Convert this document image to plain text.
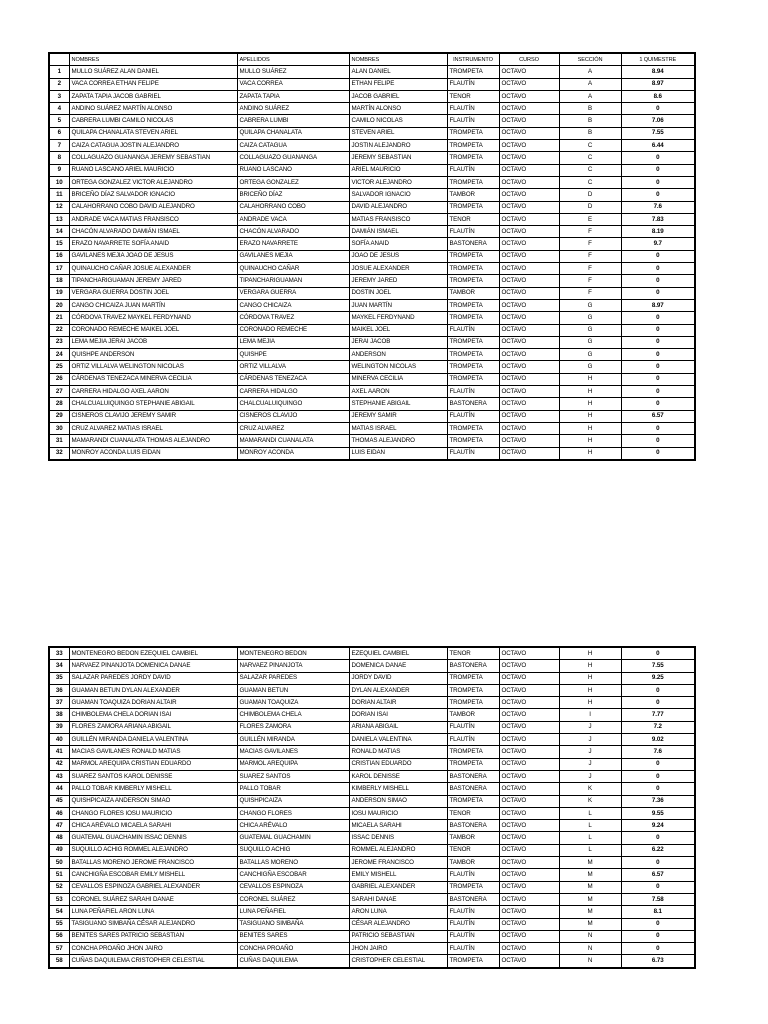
	NOMBRES	APELLIDOS	NOMBRES	INSTRUMENTO	CURSO	SECCIÓN	1 QUIMESTRE
1	MULLO SUÁREZ ALAN DANIEL	MULLO SUÁREZ	ALAN DANIEL	TROMPETA	OCTAVO	A	8.94
2	VACA CORREA ETHAN FELIPE	VACA CORREA	ETHAN FELIPE	FLAUTÍN	OCTAVO	A	8.97
3	ZAPATA TAPIA JACOB GABRIEL	ZAPATA TAPIA	JACOB GABRIEL	TENOR	OCTAVO	A	8.6
4	ANDINO SUÁREZ MARTÍN ALONSO	ANDINO SUÁREZ	MARTÍN ALONSO	FLAUTÍN	OCTAVO	B	0
5	CABRERA LUMBI CAMILO NICOLAS	CABRERA LUMBI	CAMILO NICOLAS	FLAUTÍN	OCTAVO	B	7.06
6	QUILAPA CHANALATA STEVEN ARIEL	QUILAPA CHANALATA	STEVEN ARIEL	TROMPETA	OCTAVO	B	7.55
7	CAIZA CATAGUA JOSTIN ALEJANDRO	CAIZA CATAGUA	JOSTIN ALEJANDRO	TROMPETA	OCTAVO	C	6.44
8	COLLAGUAZO GUANANGA JEREMY SEBASTIAN	COLLAGUAZO GUANANGA	JEREMY SEBASTIAN	TROMPETA	OCTAVO	C	0
9	RUANO LASCANO ARIEL MAURICIO	RUANO LASCANO	ARIEL MAURICIO	FLAUTÍN	OCTAVO	C	0
10	ORTEGA GONZALEZ VICTOR ALEJANDRO	ORTEGA GONZALEZ	VICTOR ALEJANDRO	TROMPETA	OCTAVO	C	0
11	BRICEÑO DÍAZ SALVADOR IGNACIO	BRICEÑO DÍAZ	SALVADOR IGNACIO	TAMBOR	OCTAVO	D	0
12	CALAHORRANO COBO DAVID ALEJANDRO	CALAHORRANO COBO	DAVID ALEJANDRO	TROMPETA	OCTAVO	D	7.6
13	ANDRADE VACA MATIAS FRANSISCO	ANDRADE VACA	MATIAS FRANSISCO	TENOR	OCTAVO	E	7.83
14	CHACÓN ALVARADO DAMIÁN ISMAEL	CHACÓN ALVARADO	DAMIÁN ISMAEL	FLAUTÍN	OCTAVO	F	8.19
15	ERAZO NAVARRETE SOFÍA ANAID	ERAZO NAVARRETE	SOFÍA ANAID	BASTONERA	OCTAVO	F	9.7
16	GAVILANES MEJIA JOAO DE JESUS	GAVILANES MEJIA	JOAO DE JESUS	TROMPETA	OCTAVO	F	0
17	QUINAUCHO CAÑAR JOSUE ALEXANDER	QUINAUCHO CAÑAR	JOSUE ALEXANDER	TROMPETA	OCTAVO	F	0
18	TIPANCHARIGUAMAN JEREMY JARED	TIPANCHARIGUAMAN	JEREMY JARED	TROMPETA	OCTAVO	F	0
19	VERGARA GUERRA DOSTIN JOEL	VERGARA GUERRA	DOSTIN JOEL	TAMBOR	OCTAVO	F	0
20	CANGO CHICAIZA JUAN MARTÍN	CANGO CHICAIZA	JUAN MARTÍN	TROMPETA	OCTAVO	G	8.97
21	CÓRDOVA TRAVEZ MAYKEL FERDYNAND	CÓRDOVA TRAVEZ	MAYKEL FERDYNAND	TROMPETA	OCTAVO	G	0
22	CORONADO REMECHE MAIKEL JOEL	CORONADO REMECHE	MAIKEL JOEL	FLAUTÍN	OCTAVO	G	0
23	LEMA MEJIA JERAI JACOB	LEMA MEJIA	JERAI JACOB	TROMPETA	OCTAVO	G	0
24	QUISHPE ANDERSON	QUISHPE	ANDERSON	TROMPETA	OCTAVO	G	0
25	ORTIZ VILLALVA WELINGTON NICOLAS	ORTIZ VILLALVA	WELINGTON NICOLAS	TROMPETA	OCTAVO	G	0
26	CÁRDENAS TENEZACA MINERVA CECILIA	CÁRDENAS TENEZACA	MINERVA CECILIA	TROMPETA	OCTAVO	H	0
27	CARRERA HIDALGO AXEL AARON	CARRERA HIDALGO	AXEL AARON	FLAUTÍN	OCTAVO	H	0
28	CHALCUALUIQUINGO STEPHANIE ABIGAIL	CHALCUALUIQUINGO	STEPHANIE ABIGAIL	BASTONERA	OCTAVO	H	0
29	CISNEROS CLAVIJO JEREMY SAMIR	CISNEROS CLAVIJO	JEREMY SAMIR	FLAUTÍN	OCTAVO	H	6.57
30	CRUZ ALVAREZ MATIAS ISRAEL	CRUZ ALVAREZ	MATIAS ISRAEL	TROMPETA	OCTAVO	H	0
31	MAMARANDI CUANALATA THOMAS ALEJANDRO	MAMARANDI CUANALATA	THOMAS ALEJANDRO	TROMPETA	OCTAVO	H	0
32	MONROY ACONDA LUIS EIDAN	MONROY ACONDA	LUIS EIDAN	FLAUTÍN	OCTAVO	H	0
33	MONTENEGRO BEDON EZEQUIEL CAMBIEL	MONTENEGRO BEDON	EZEQUIEL CAMBIEL	TENOR	OCTAVO	H	0
34	NARVAEZ PINANJOTA DOMENICA DANAE	NARVAEZ PINANJOTA	DOMENICA DANAE	BASTONERA	OCTAVO	H	7.55
35	SALAZAR PAREDES JORDY DAVID	SALAZAR PAREDES	JORDY DAVID	TROMPETA	OCTAVO	H	9.25
36	GUAMAN BETUN DYLAN ALEXANDER	GUAMAN BETUN	DYLAN ALEXANDER	TROMPETA	OCTAVO	H	0
37	GUAMAN TOAQUIZA DORIAN ALTAIR	GUAMAN TOAQUIZA	DORIAN ALTAIR	TROMPETA	OCTAVO	H	0
38	CHIMBOLEMA CHELA DORIAN ISAI	CHIMBOLEMA CHELA	DORIAN ISAI	TAMBOR	OCTAVO	I	7.77
39	FLORES ZAMORA ARIANA ABIGAIL	FLORES ZAMORA	ARIANA ABIGAIL	FLAUTÍN	OCTAVO	J	7.2
40	GUILLÉN MIRANDA DANIELA VALENTINA	GUILLÉN MIRANDA	DANIELA VALENTINA	FLAUTÍN	OCTAVO	J	9.02
41	MACIAS GAVILANES RONALD MATIAS	MACIAS GAVILANES	RONALD MATIAS	TROMPETA	OCTAVO	J	7.6
42	MARMOL AREQUIPA CRISTIAN EDUARDO	MARMOL AREQUIPA	CRISTIAN EDUARDO	TROMPETA	OCTAVO	J	0
43	SUAREZ SANTOS KAROL DENISSE	SUAREZ SANTOS	KAROL DENISSE	BASTONERA	OCTAVO	J	0
44	PALLO TOBAR KIMBERLY MISHELL	PALLO TOBAR	KIMBERLY MISHELL	BASTONERA	OCTAVO	K	0
45	QUISHPICAIZA ANDERSON SIMAO	QUISHPICAIZA	ANDERSON SIMAO	TROMPETA	OCTAVO	K	7.36
46	CHANGO FLORES IOSU MAURICIO	CHANGO FLORES	IOSU MAURICIO	TENOR	OCTAVO	L	9.55
47	CHICA ARÉVALO MICAELA SARAHI	CHICA ARÉVALO	MICAELA SARAHI	BASTONERA	OCTAVO	L	9.24
48	GUATEMAL GUACHAMIN ISSAC DENNIS	GUATEMAL GUACHAMIN	ISSAC DENNIS	TAMBOR	OCTAVO	L	0
49	SUQUILLO ACHIG ROMMEL ALEJANDRO	SUQUILLO ACHIG	ROMMEL ALEJANDRO	TENOR	OCTAVO	L	6.22
50	BATALLAS MORENO JEROME FRANCISCO	BATALLAS MORENO	JEROME FRANCISCO	TAMBOR	OCTAVO	M	0
51	CANCHIGÑA ESCOBAR EMILY MISHELL	CANCHIGÑA ESCOBAR	EMILY MISHELL	FLAUTÍN	OCTAVO	M	6.57
52	CEVALLOS ESPINOZA GABRIEL ALEXANDER	CEVALLOS ESPINOZA	GABRIEL ALEXANDER	TROMPETA	OCTAVO	M	0
53	CORONEL SUÁREZ SARAHI DANAE	CORONEL SUÁREZ	SARAHI DANAE	BASTONERA	OCTAVO	M	7.58
54	LUNA PEÑAFIEL ARON LUNA	LUNA PEÑAFIEL	ARON LUNA	FLAUTÍN	OCTAVO	M	8.1
55	TASIGUANO SIMBAÑA CÉSAR ALEJANDRO	TASIGUANO SIMBAÑA	CÉSAR ALEJANDRO	FLAUTÍN	OCTAVO	M	0
56	BENITES SARES PATRICIO SEBASTIAN	BENITES SARES	PATRICIO SEBASTIAN	FLAUTÍN	OCTAVO	N	0
57	CONCHA PROAÑO JHON JAIRO	CONCHA PROAÑO	JHON JAIRO	FLAUTÍN	OCTAVO	N	0
58	CUÑAS DAQUILEMA CRISTOPHER CELESTIAL	CUÑAS DAQUILEMA	CRISTOPHER CELESTIAL	TROMPETA	OCTAVO	N	6.73
